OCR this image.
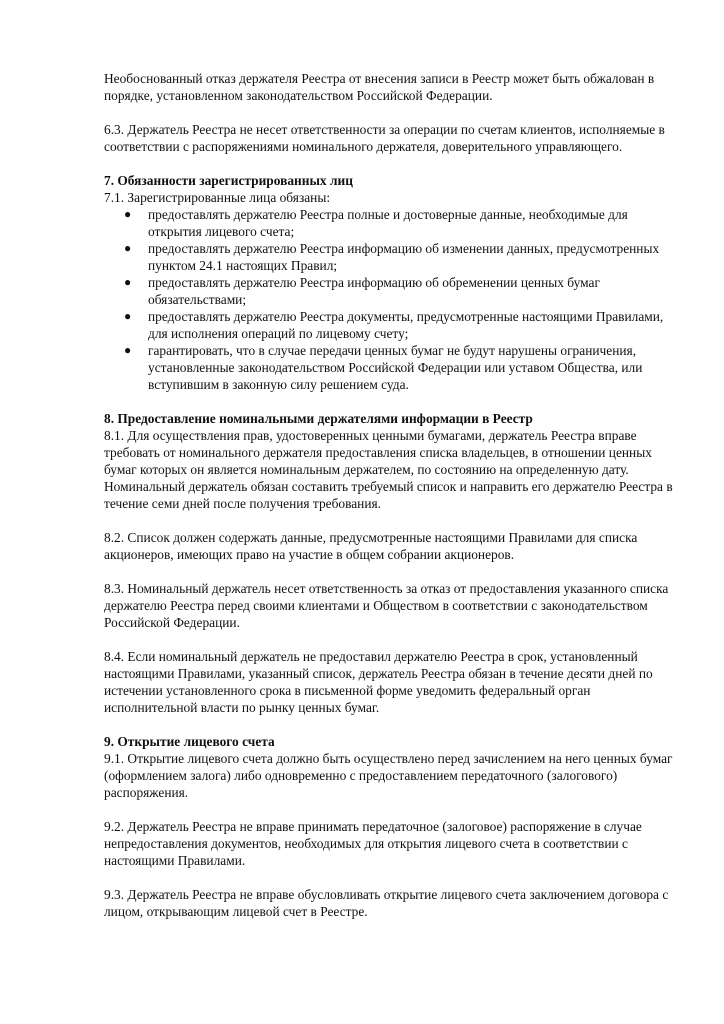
Необоснованный отказ держателя Реестра от внесения записи в Реестр может быть обжалован в порядке, установленном законодательством Российской Федерации.

6.3. Держатель Реестра не несет ответственности за операции по счетам клиентов, исполняемые в соответствии с распоряжениями номинального держателя, доверительного управляющего.

7. Обязанности зарегистрированных лиц

7.1. Зарегистрированные лица обязаны:

● предоставлять держателю Реестра полные и достоверные данные, необходимые для открытия лицевого счета;
● предоставлять держателю Реестра информацию об изменении данных, предусмотренных пунктом 24.1 настоящих Правил;
● предоставлять держателю Реестра информацию об обременении ценных бумаг обязательствами;
● предоставлять держателю Реестра документы, предусмотренные настоящими Правилами, для исполнения операций по лицевому счету;
● гарантировать, что в случае передачи ценных бумаг не будут нарушены ограничения, установленные законодательством Российской Федерации или уставом Общества, или вступившим в законную силу решением суда.

8. Предоставление номинальными держателями информации в Реестр

8.1. Для осуществления прав, удостоверенных ценными бумагами, держатель Реестра вправе требовать от номинального держателя предоставления списка владельцев, в отношении ценных бумаг которых он является номинальным держателем, по состоянию на определенную дату. Номинальный держатель обязан составить требуемый список и направить его держателю Реестра в течение семи дней после получения требования.

8.2. Список должен содержать данные, предусмотренные настоящими Правилами для списка акционеров, имеющих право на участие в общем собрании акционеров.

8.3. Номинальный держатель несет ответственность за отказ от предоставления указанного списка держателю Реестра перед своими клиентами и Обществом в соответствии с законодательством Российской Федерации.

8.4. Если номинальный держатель не предоставил держателю Реестра в срок, установленный настоящими Правилами, указанный список, держатель Реестра обязан в течение десяти дней по истечении установленного срока в письменной форме уведомить федеральный орган исполнительной власти по рынку ценных бумаг.

9. Открытие лицевого счета

9.1. Открытие лицевого счета должно быть осуществлено перед зачислением на него ценных бумаг (оформлением залога) либо одновременно с предоставлением передаточного (залогового) распоряжения.

9.2. Держатель Реестра не вправе принимать передаточное (залоговое) распоряжение в случае непредоставления документов, необходимых для открытия лицевого счета в соответствии с настоящими Правилами.

9.3. Держатель Реестра не вправе обусловливать открытие лицевого счета заключением договора с лицом, открывающим лицевой счет в Реестре.
